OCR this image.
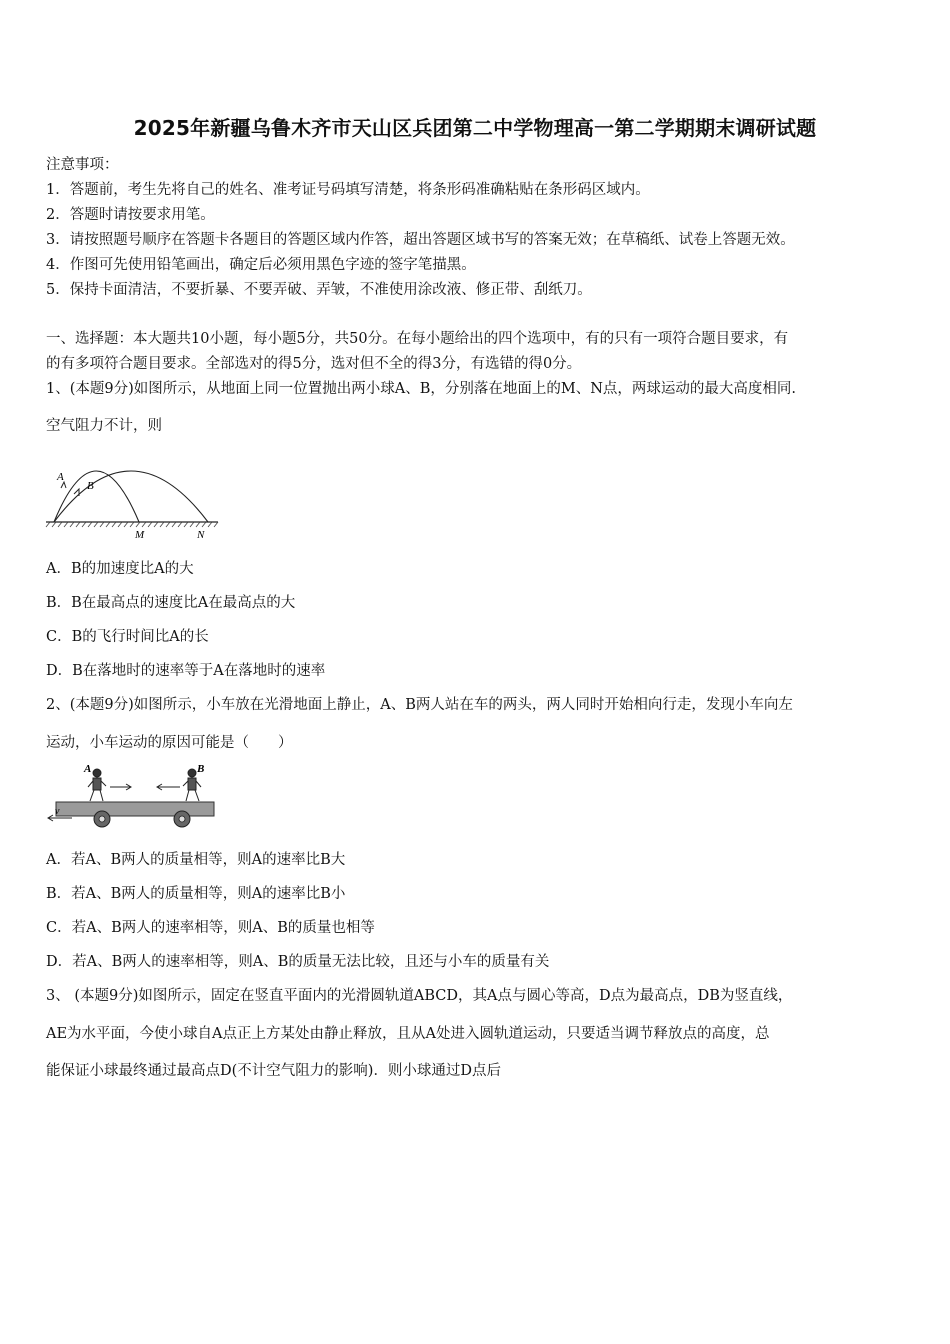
2025年新疆乌鲁木齐市天山区兵团第二中学物理高一第二学期期末调研试题
注意事项：
1．答题前，考生先将自己的姓名、准考证号码填写清楚，将条形码准确粘贴在条形码区域内。
2．答题时请按要求用笔。
3．请按照题号顺序在答题卡各题目的答题区域内作答，超出答题区域书写的答案无效；在草稿纸、试卷上答题无效。
4．作图可先使用铅笔画出，确定后必须用黑色字迹的签字笔描黑。
5．保持卡面清洁，不要折暴、不要弄破、弄皱，不准使用涂改液、修正带、刮纸刀。
一、选择题：本大题共10小题，每小题5分，共50分。在每小题给出的四个选项中，有的只有一项符合题目要求，有
的有多项符合题目要求。全部选对的得5分，选对但不全的得3分，有选错的得0分。
1、(本题9分)如图所示，从地面上同一位置抛出两小球A、B，分别落在地面上的M、N点，两球运动的最大高度相同.
空气阻力不计，则
A
B
M	N
A．B的加速度比A的大
B．B在最高点的速度比A在最高点的大
C．B的飞行时间比A的长
D．B在落地时的速率等于A在落地时的速率
2、(本题9分)如图所示，小车放在光滑地面上静止，A、B两人站在车的两头，两人同时开始相向行走，发现小车向左
运动，小车运动的原因可能是（　　）
v
A	B
A．若A、B两人的质量相等，则A的速率比B大
B．若A、B两人的质量相等，则A的速率比B小
C．若A、B两人的速率相等，则A、B的质量也相等
D．若A、B两人的速率相等，则A、B的质量无法比较，且还与小车的质量有关
3、 (本题9分)如图所示，固定在竖直平面内的光滑圆轨道ABCD，其A点与圆心等高，D点为最高点，DB为竖直线，
AE为水平面，今使小球自A点正上方某处由静止释放，且从A处进入圆轨道运动，只要适当调节释放点的高度，总
能保证小球最终通过最高点D(不计空气阻力的影响)．则小球通过D点后
